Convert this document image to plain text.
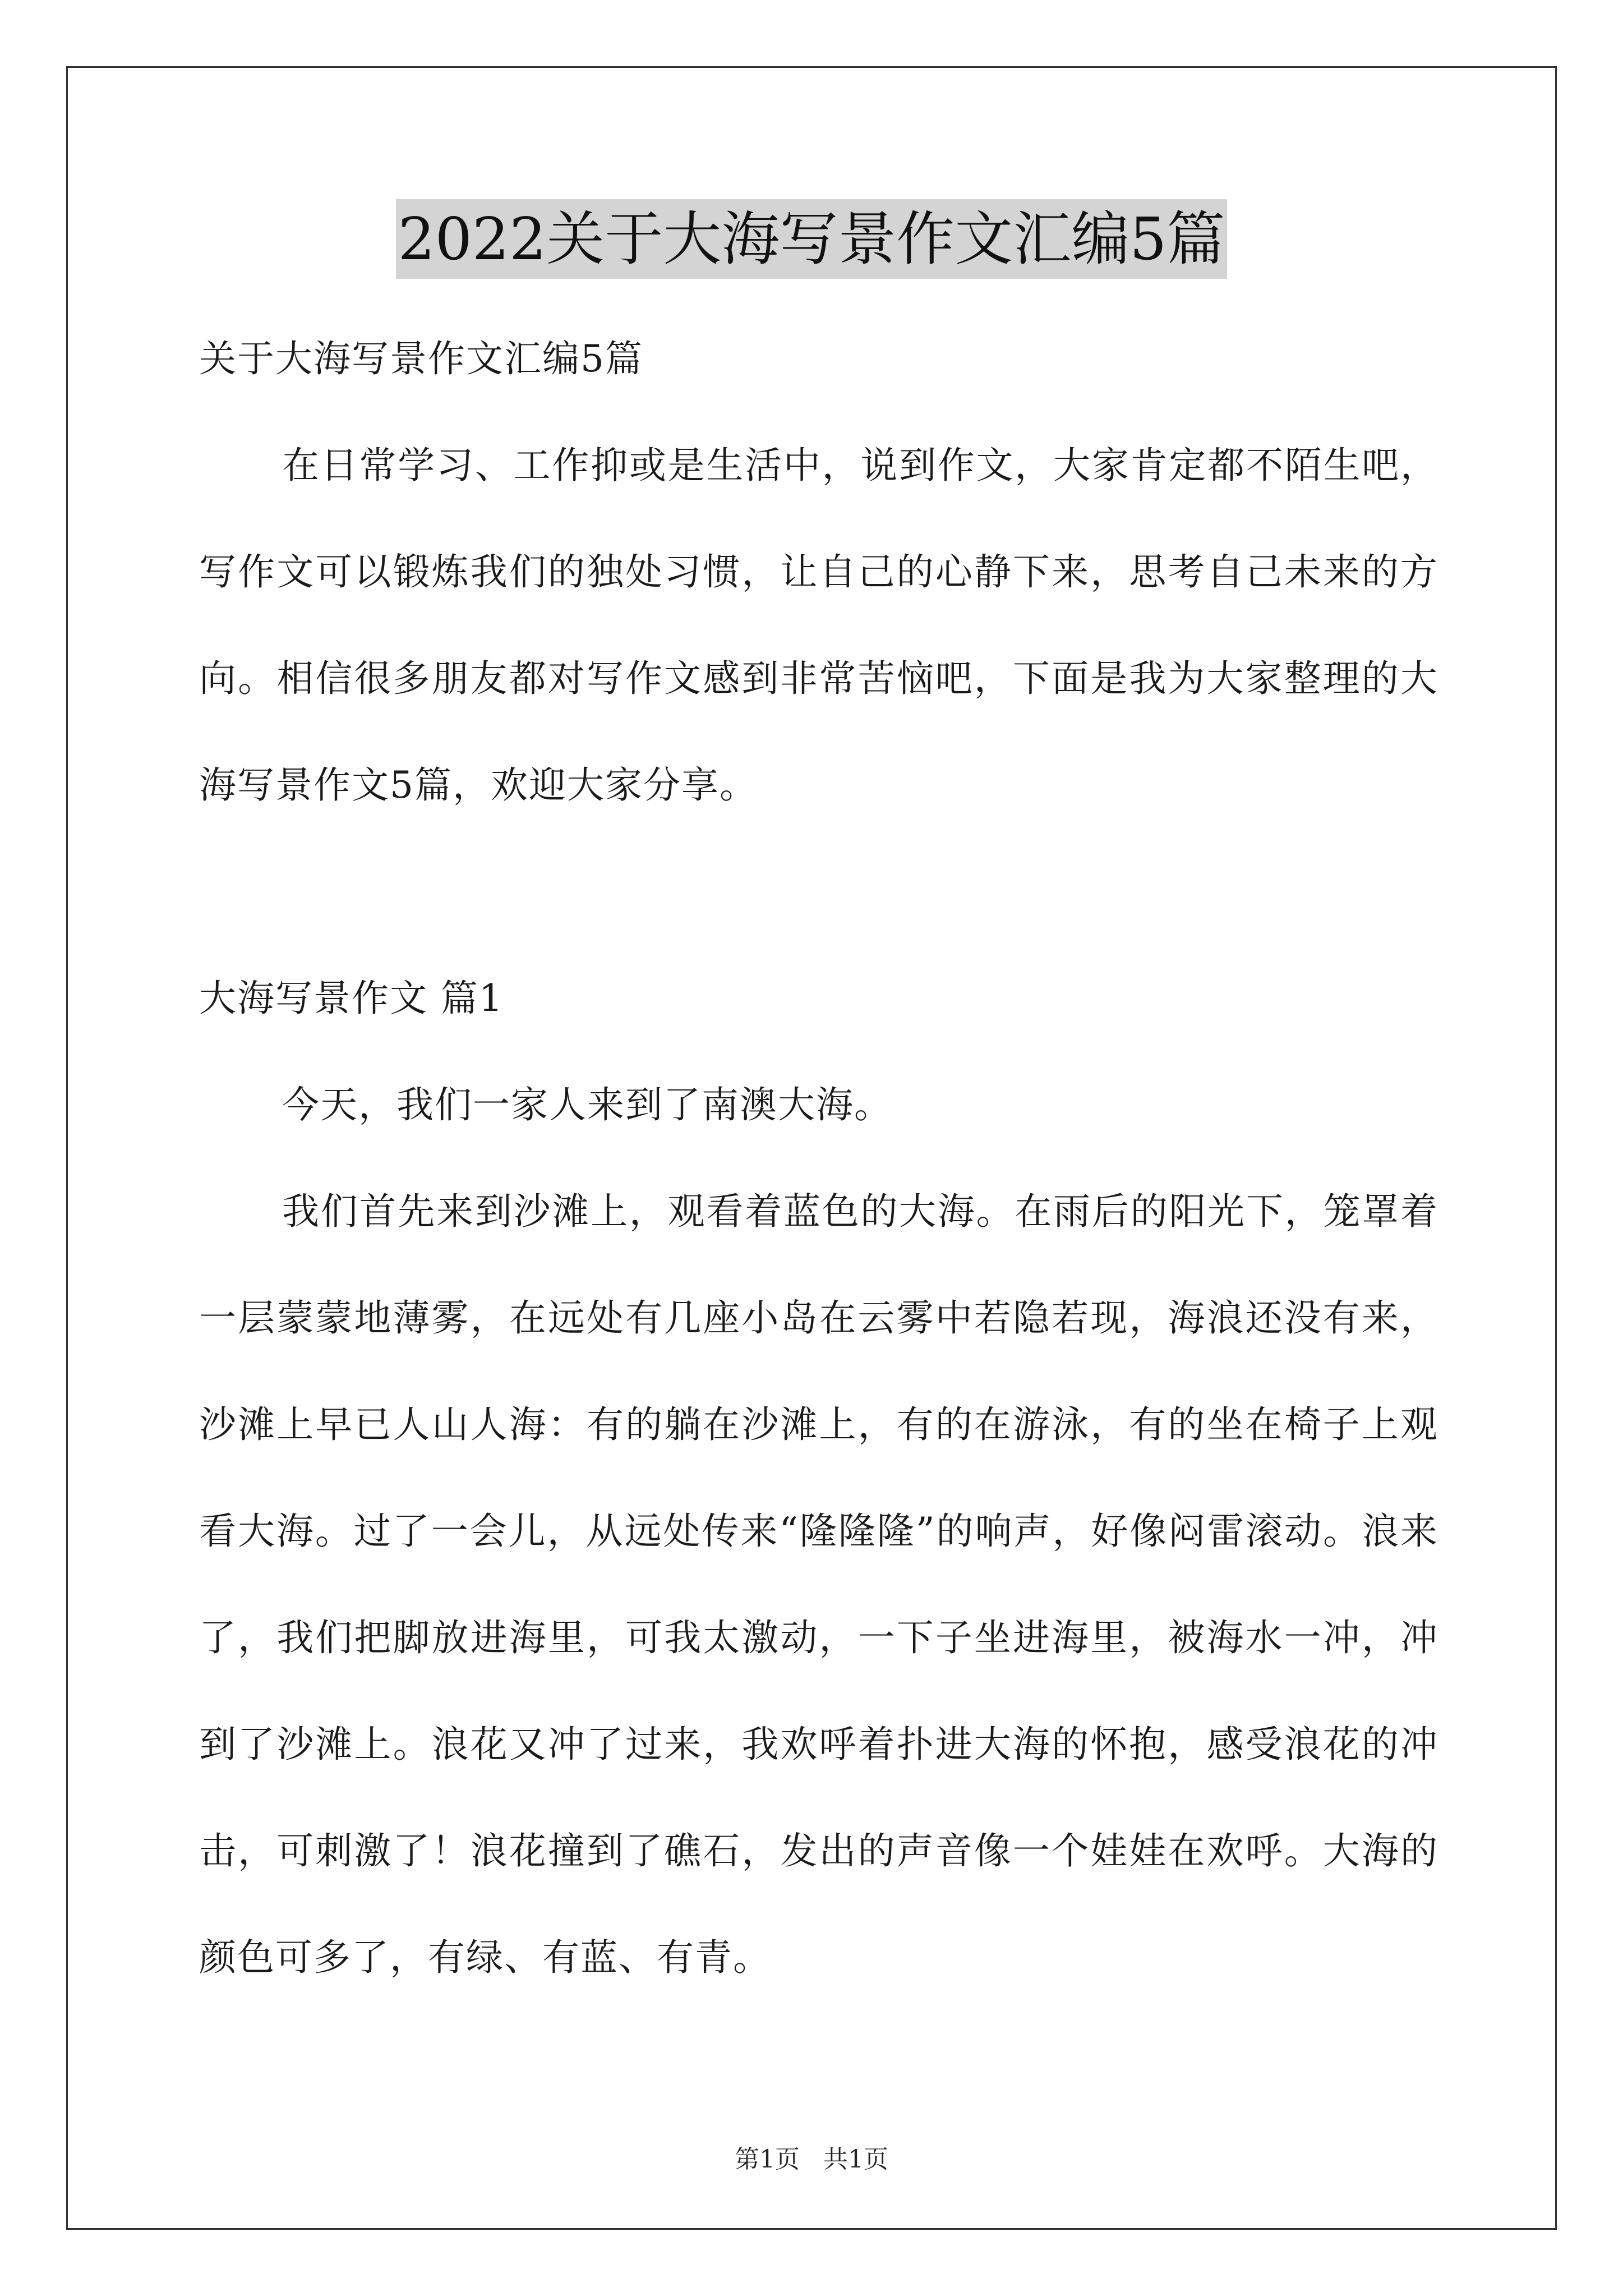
2022关于大海写景作文汇编5篇

关于大海写景作文汇编5篇

在日常学习、工作抑或是生活中，说到作文，大家肯定都不陌生吧，写作文可以锻炼我们的独处习惯，让自己的心静下来，思考自己未来的方向。相信很多朋友都对写作文感到非常苦恼吧，下面是我为大家整理的大海写景作文5篇，欢迎大家分享。

大海写景作文 篇1

今天，我们一家人来到了南澳大海。

我们首先来到沙滩上，观看着蓝色的大海。在雨后的阳光下，笼罩着一层蒙蒙地薄雾，在远处有几座小岛在云雾中若隐若现，海浪还没有来，沙滩上早已人山人海：有的躺在沙滩上，有的在游泳，有的坐在椅子上观看大海。过了一会儿，从远处传来“隆隆隆”的响声，好像闷雷滚动。浪来了，我们把脚放进海里，可我太激动，一下子坐进海里，被海水一冲，冲到了沙滩上。浪花又冲了过来，我欢呼着扑进大海的怀抱，感受浪花的冲击，可刺激了！浪花撞到了礁石，发出的声音像一个娃娃在欢呼。大海的颜色可多了，有绿、有蓝、有青。

第1页 共1页
